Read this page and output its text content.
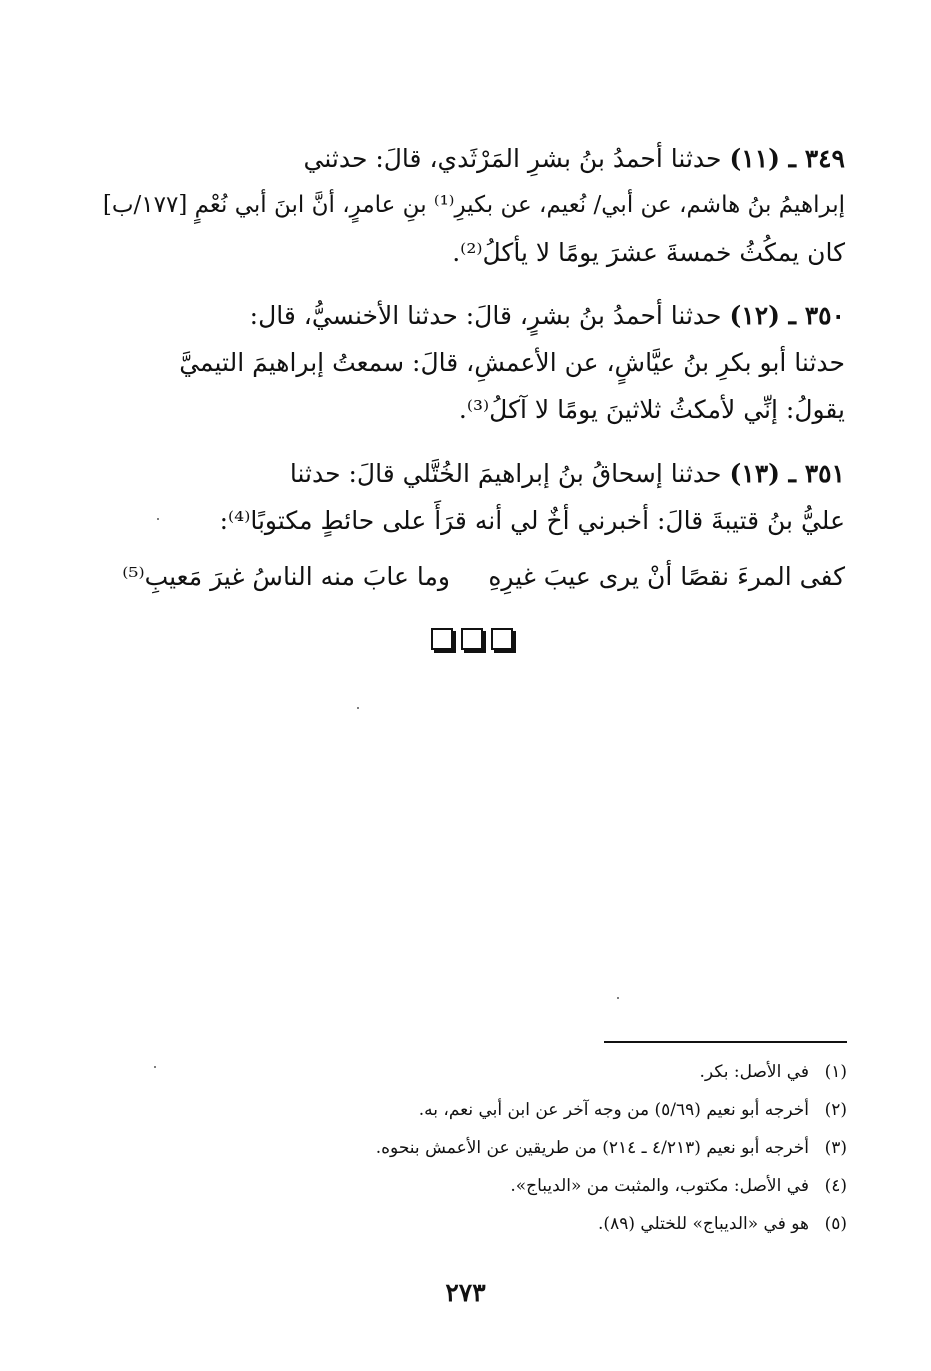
٣٤٩ ـ (١١) حدثنا أحمدُ بنُ بشرِ المَرْثَدي، قالَ: حدثني

إبراهيمُ بنُ هاشم، عن أبي/ نُعيم، عن بكيرِ⁽¹⁾ بنِ عامرٍ، أنَّ ابنَ أبي نُعْمٍ [١٧٧/ب]

كان يمكُثُ خمسةَ عشرَ يومًا لا يأكلُ⁽²⁾.

٣٥٠ ـ (١٢) حدثنا أحمدُ بنُ بشرٍ، قالَ: حدثنا الأخنسيُّ، قال:

حدثنا أبو بكرِ بنُ عيَّاشٍ، عن الأعمشِ، قالَ: سمعتُ إبراهيمَ التيميَّ

يقولُ: إنِّي لأمكثُ ثلاثينَ يومًا لا آكلُ⁽³⁾.

٣٥١ ـ (١٣) حدثنا إسحاقُ بنُ إبراهيمَ الخُتَّلي قالَ: حدثنا

عليُّ بنُ قتيبةَ قالَ: أخبرني أخٌ لي أنه قرَأَ على حائطٍ مكتوبًا⁽⁴⁾:

كفى المرءَ نقصًا أنْ يرى عيبَ غيرِهِ
وما عابَ منه الناسُ غيرَ مَعيبِ⁽⁵⁾
(١)
في الأصل: بكر.
(٢)
أخرجه أبو نعيم (٥/٦٩) من وجه آخر عن ابن أبي نعم، به.
(٣)
أخرجه أبو نعيم (٤/٢١٣ ـ ٢١٤) من طريقين عن الأعمش بنحوه.
(٤)
في الأصل: مكتوب، والمثبت من «الديباج».
(٥)
هو في «الديباج» للختلي (٨٩).
٢٧٣
